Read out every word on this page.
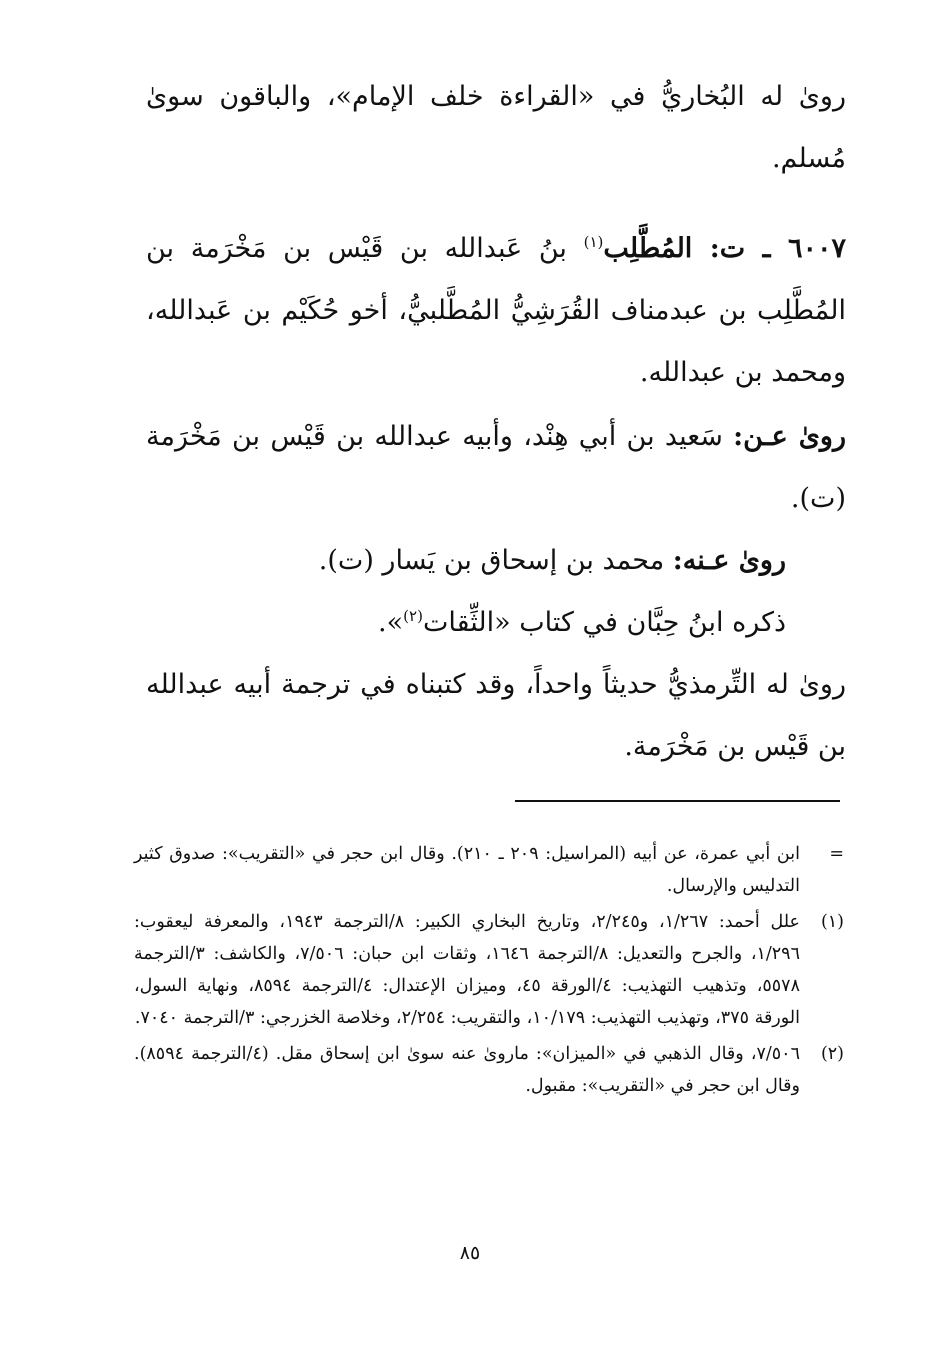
رویٰ له البُخاريُّ في «القراءة خلف الإمام»، والباقون سویٰ مُسلم.

٦٠٠٧ ـ ت: المُطَّلِب$^{(١)}$ بنُ عَبدالله بن قَيْس بن مَخْرَمة بن المُطَّلِب بن عبدمناف القُرَشِيُّ المُطَّلبيُّ، أخو حُكَيْم بن عَبدالله، ومحمد بن عبدالله.

رویٰ عـن: سَعيد بن أبي هِنْد، وأبيه عبدالله بن قَيْس بن مَخْرَمة (ت).

رویٰ عـنه: محمد بن إسحاق بن يَسار (ت).

ذكره ابنُ حِبَّان في كتاب «الثِّقات$^{(٢)}$».

رویٰ له التِّرمذيُّ حديثاً واحداً، وقد كتبناه في ترجمة أبيه عبدالله بن قَيْس بن مَخْرَمة.

=
ابن أبي عمرة، عن أبيه (المراسيل: ٢٠٩ ـ ٢١٠). وقال ابن حجر في «التقريب»: صدوق كثير التدليس والإرسال.
(١)
علل أحمد: ١/٢٦٧، و٢/٢٤٥، وتاريخ البخاري الكبير: ٨/الترجمة ١٩٤٣، والمعرفة ليعقوب: ١/٢٩٦، والجرح والتعديل: ٨/الترجمة ١٦٤٦، وثقات ابن حبان: ٧/٥٠٦، والكاشف: ٣/الترجمة ٥٥٧٨، وتذهيب التهذيب: ٤/الورقة ٤٥، وميزان الإعتدال: ٤/الترجمة ٨٥٩٤، ونهاية السول، الورقة ٣٧٥، وتهذيب التهذيب: ١٠/١٧٩، والتقريب: ٢/٢٥٤، وخلاصة الخزرجي: ٣/الترجمة ٧٠٤٠.
(٢)
٧/٥٠٦، وقال الذهبي في «الميزان»: ماروىٰ عنه سوىٰ ابن إسحاق مقل. (٤/الترجمة ٨٥٩٤). وقال ابن حجر في «التقريب»: مقبول.
٨٥
